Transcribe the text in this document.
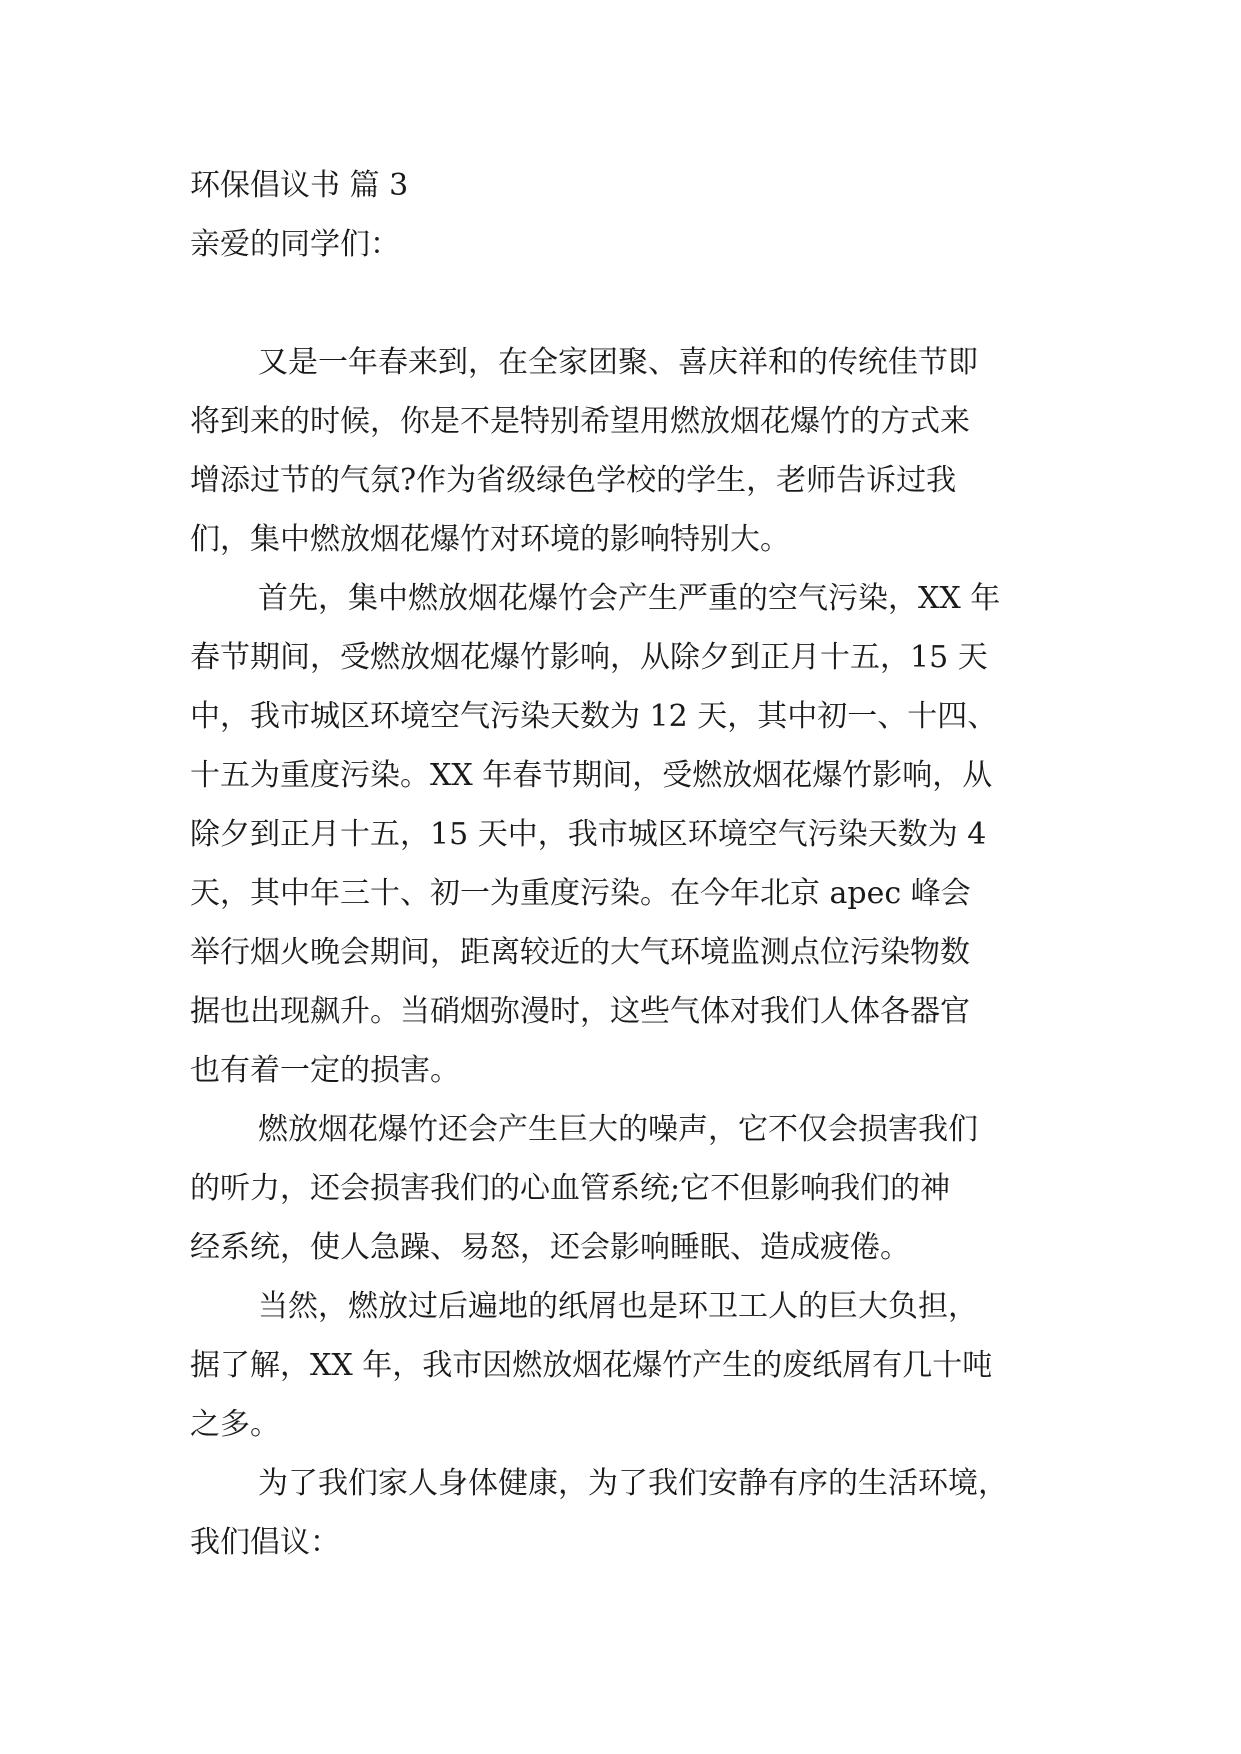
环保倡议书 篇 3

亲爱的同学们：

又是一年春来到，在全家团聚、喜庆祥和的传统佳节即

将到来的时候，你是不是特别希望用燃放烟花爆竹的方式来

增添过节的气氛?作为省级绿色学校的学生，老师告诉过我

们，集中燃放烟花爆竹对环境的影响特别大。

首先，集中燃放烟花爆竹会产生严重的空气污染，XX 年

春节期间，受燃放烟花爆竹影响，从除夕到正月十五，15 天

中，我市城区环境空气污染天数为 12 天，其中初一、十四、

十五为重度污染。XX 年春节期间，受燃放烟花爆竹影响，从

除夕到正月十五，15 天中，我市城区环境空气污染天数为 4

天，其中年三十、初一为重度污染。在今年北京 apec 峰会

举行烟火晚会期间，距离较近的大气环境监测点位污染物数

据也出现飙升。当硝烟弥漫时，这些气体对我们人体各器官

也有着一定的损害。

燃放烟花爆竹还会产生巨大的噪声，它不仅会损害我们

的听力，还会损害我们的心血管系统;它不但影响我们的神

经系统，使人急躁、易怒，还会影响睡眠、造成疲倦。

当然，燃放过后遍地的纸屑也是环卫工人的巨大负担，

据了解，XX 年，我市因燃放烟花爆竹产生的废纸屑有几十吨

之多。

为了我们家人身体健康，为了我们安静有序的生活环境，

我们倡议：
